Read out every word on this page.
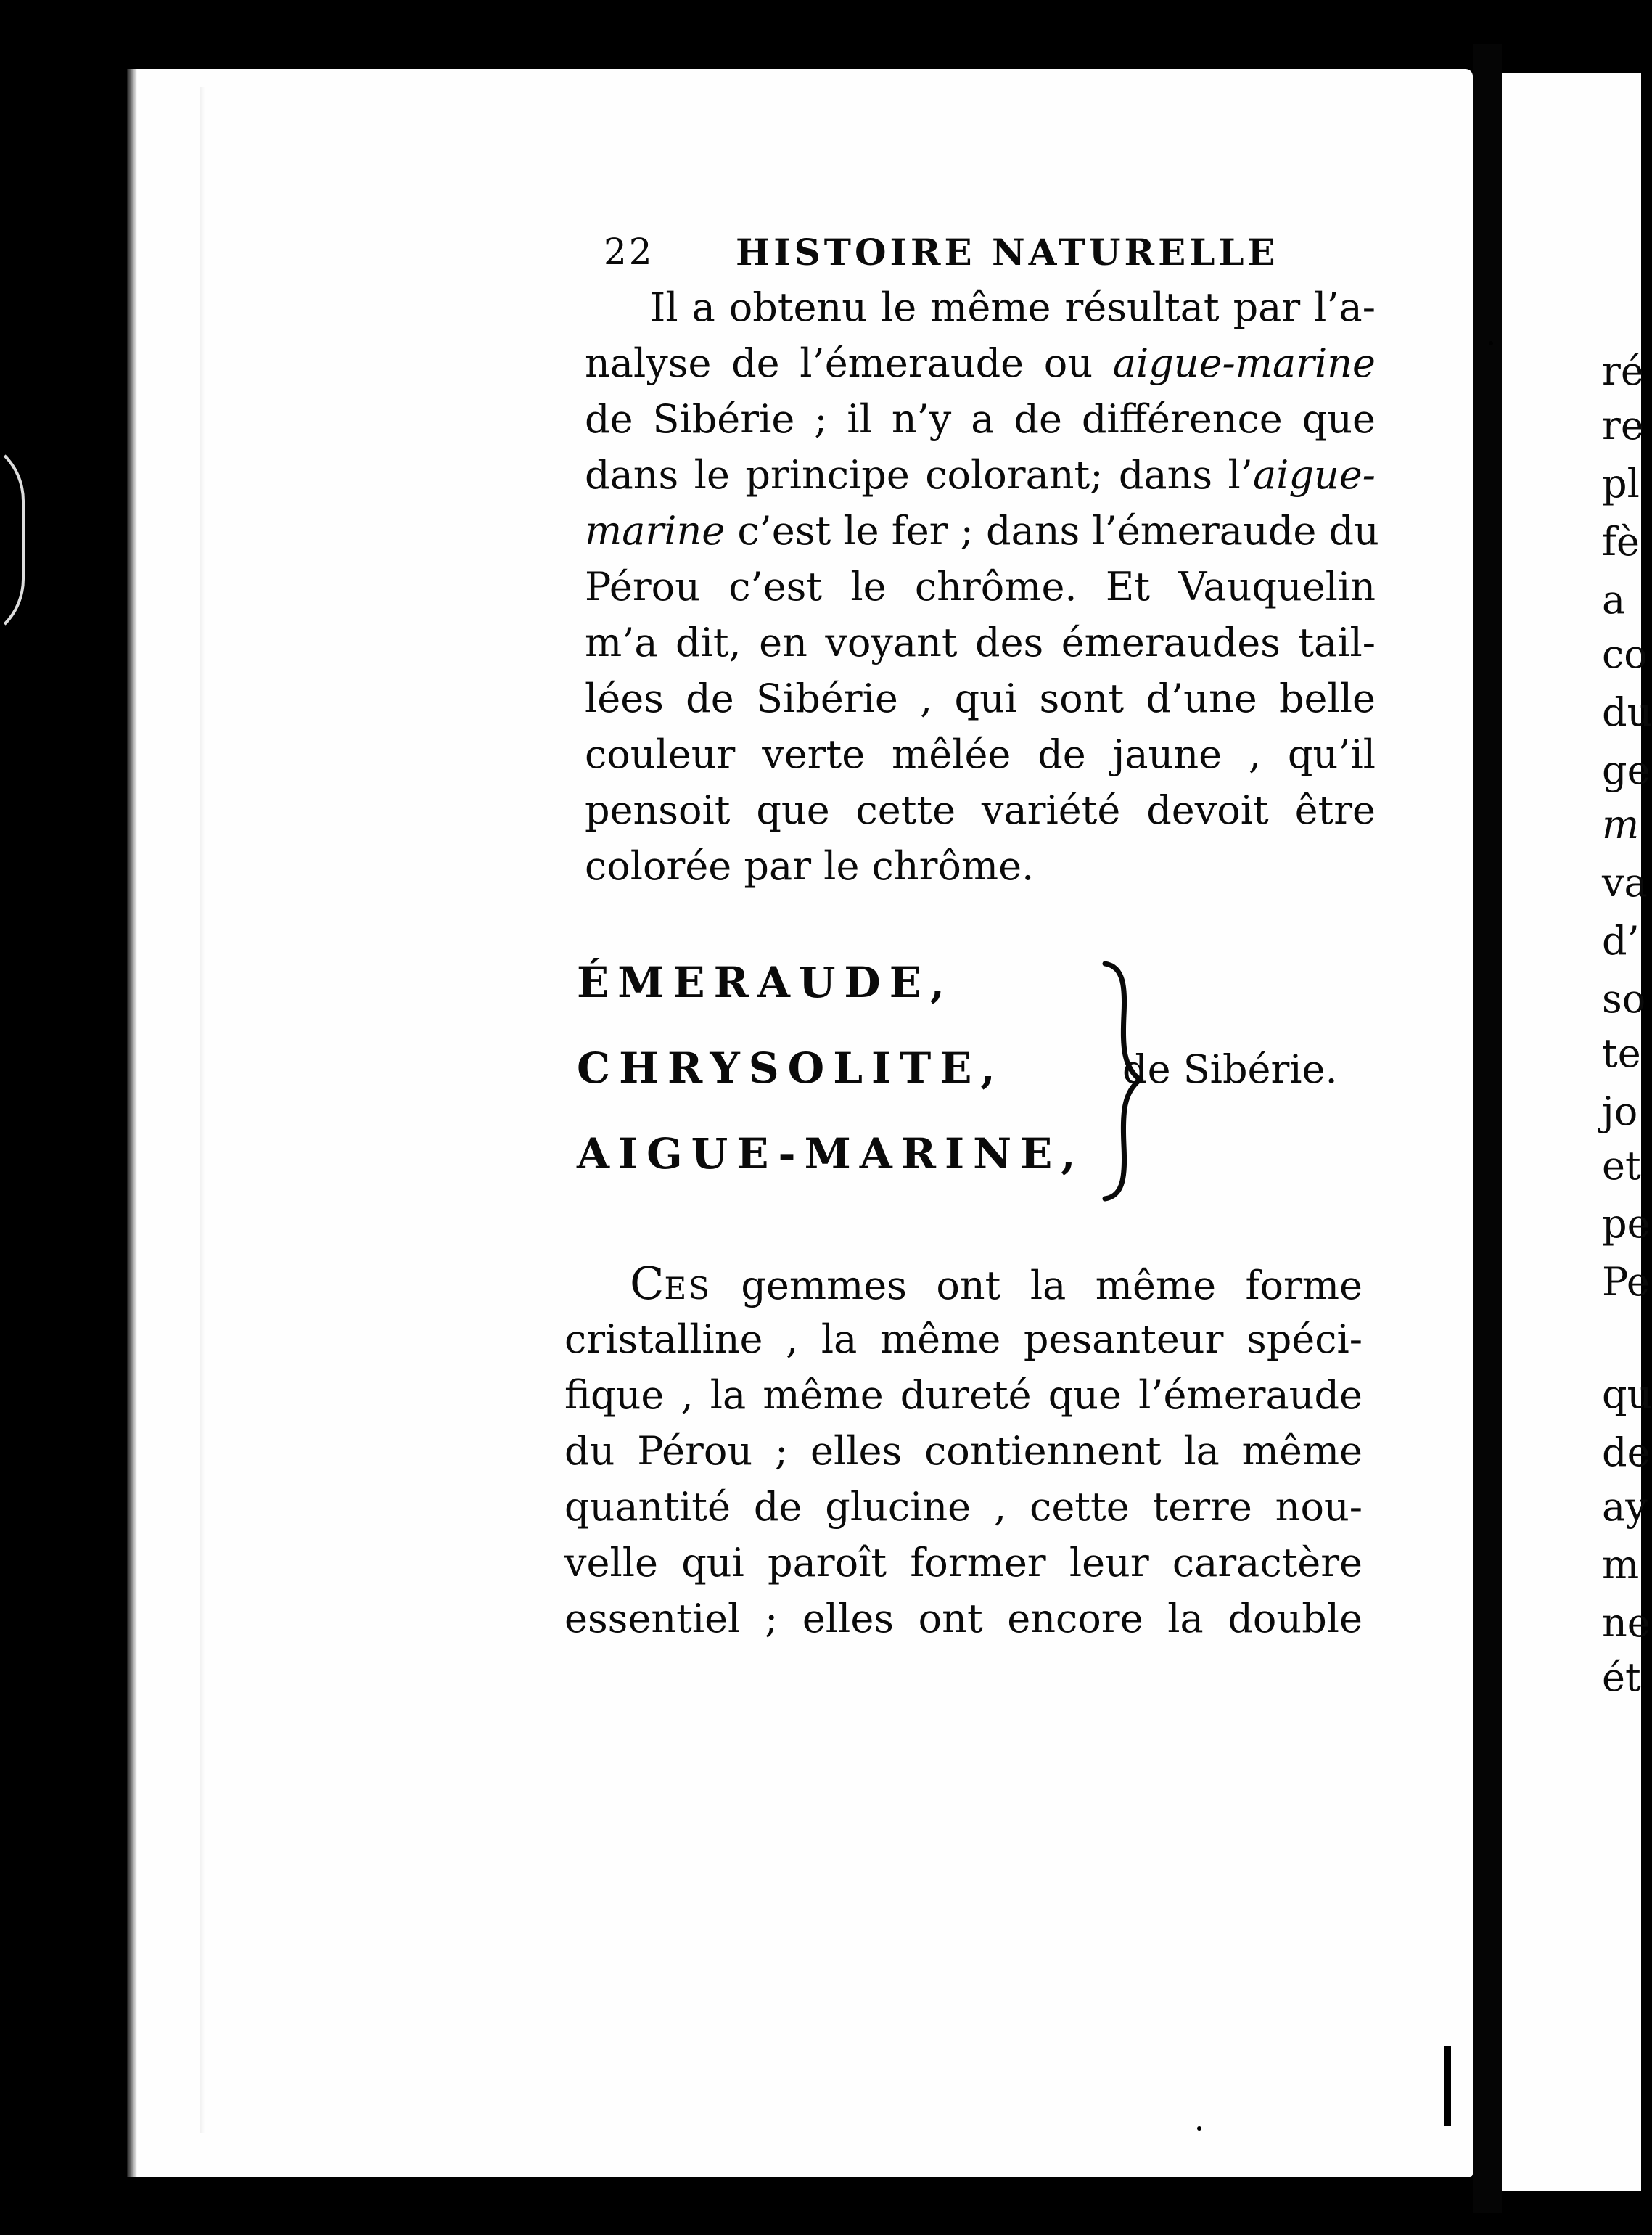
22 HISTOIRE NATURELLE
Il a obtenu le même résultat par l’a-
nalyse de l’émeraude ou aigue-marine
de Sibérie ; il n’y a de différence que
dans le principe colorant; dans l’aigue-
marine c’est le fer ; dans l’émeraude du
Pérou c’est le chrôme. Et Vauquelin
m’a dit, en voyant des émeraudes tail-
lées de Sibérie , qui sont d’une belle
couleur verte mêlée de jaune , qu’il
pensoit que cette variété devoit être
colorée par le chrôme.
ÉMERAUDE,
CHRYSOLITE,
AIGUE-MARINE,
de Sibérie.
CES gemmes ont la même forme
cristalline , la même pesanteur spéci-
fique , la même dureté que l’émeraude
du Pérou ; elles contiennent la même
quantité de glucine , cette terre nou-
velle qui paroît former leur caractère
essentiel ; elles ont encore la double
ré
re
pl
fè
a
co
du
ge
m
va
d’
so
te
jo
et
pe
Pe
qu
de
ay
m
ne
ét
